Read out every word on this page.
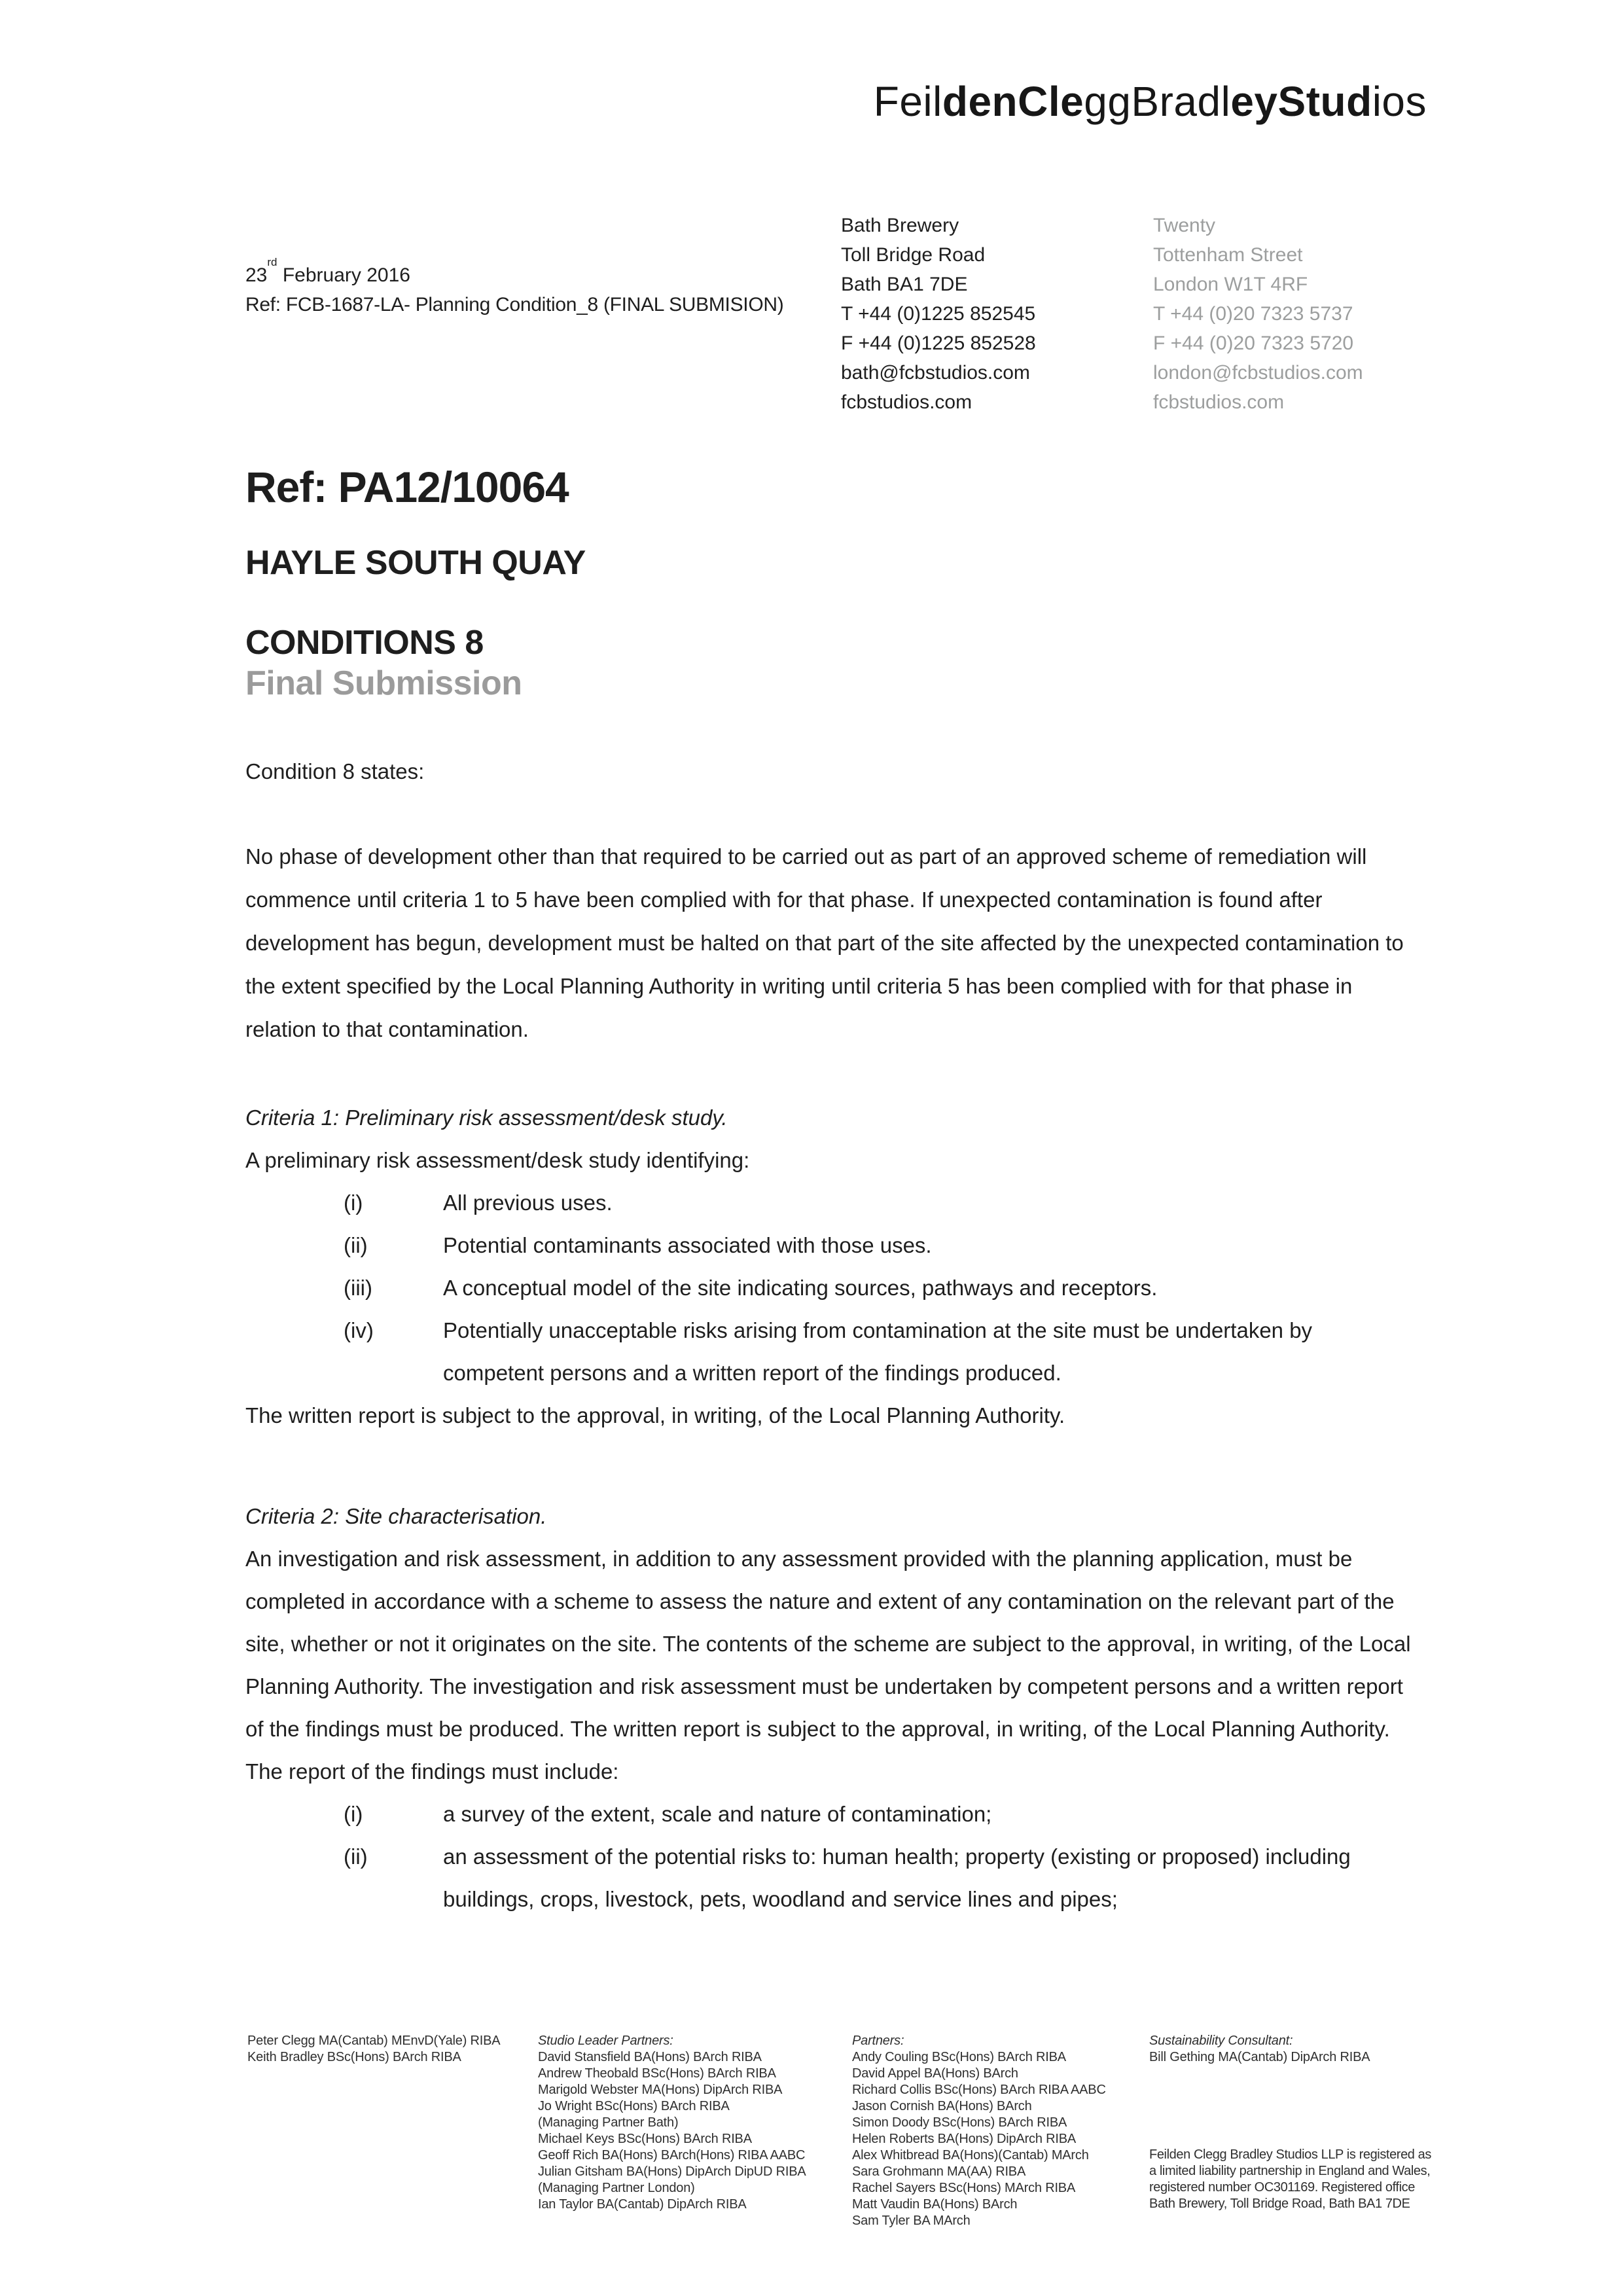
FeildenCleggBradleyStudios
Bath Brewery
Toll Bridge Road
Bath BA1 7DE
T +44 (0)1225 852545
F +44 (0)1225 852528
bath@fcbstudios.com
fcbstudios.com
Twenty
Tottenham Street
London W1T 4RF
T +44 (0)20 7323 5737
F +44 (0)20 7323 5720
london@fcbstudios.com
fcbstudios.com
23rd February 2016
Ref: FCB-1687-LA- Planning Condition_8 (FINAL SUBMISION)
Ref: PA12/10064
HAYLE SOUTH QUAY
CONDITIONS 8
Final Submission
Condition 8 states:
No phase of development other than that required to be carried out as part of an approved scheme of remediation will commence until criteria 1 to 5 have been complied with for that phase. If unexpected contamination is found after development has begun, development must be halted on that part of the site affected by the unexpected contamination to the extent specified by the Local Planning Authority in writing until criteria 5 has been complied with for that phase in relation to that contamination.
Criteria 1: Preliminary risk assessment/desk study.
A preliminary risk assessment/desk study identifying:
(i)	All previous uses.
(ii)	Potential contaminants associated with those uses.
(iii)	A conceptual model of the site indicating sources, pathways and receptors.
(iv)	Potentially unacceptable risks arising from contamination at the site must be undertaken by competent persons and a written report of the findings produced.
The written report is subject to the approval, in writing, of the Local Planning Authority.
Criteria 2: Site characterisation.
An investigation and risk assessment, in addition to any assessment provided with the planning application, must be completed in accordance with a scheme to assess the nature and extent of any contamination on the relevant part of the site, whether or not it originates on the site. The contents of the scheme are subject to the approval, in writing, of the Local Planning Authority. The investigation and risk assessment must be undertaken by competent persons and a written report of the findings must be produced. The written report is subject to the approval, in writing, of the Local Planning Authority. The report of the findings must include:
(i)	a survey of the extent, scale and nature of contamination;
(ii)	an assessment of the potential risks to: human health; property (existing or proposed) including buildings, crops, livestock, pets, woodland and service lines and pipes;
Peter Clegg MA(Cantab) MEnvD(Yale) RIBA
Keith Bradley BSc(Hons) BArch RIBA
Studio Leader Partners:
David Stansfield BA(Hons) BArch RIBA
Andrew Theobald BSc(Hons) BArch RIBA
Marigold Webster MA(Hons) DipArch RIBA
Jo Wright BSc(Hons) BArch RIBA
(Managing Partner Bath)
Michael Keys BSc(Hons) BArch RIBA
Geoff Rich BA(Hons) BArch(Hons) RIBA AABC
Julian Gitsham BA(Hons) DipArch DipUD RIBA
(Managing Partner London)
Ian Taylor BA(Cantab) DipArch RIBA
Partners:
Andy Couling BSc(Hons) BArch RIBA
David Appel BA(Hons) BArch
Richard Collis BSc(Hons) BArch RIBA AABC
Jason Cornish BA(Hons) BArch
Simon Doody BSc(Hons) BArch RIBA
Helen Roberts BA(Hons) DipArch RIBA
Alex Whitbread BA(Hons)(Cantab) MArch
Sara Grohmann MA(AA) RIBA
Rachel Sayers BSc(Hons) MArch RIBA
Matt Vaudin BA(Hons) BArch
Sam Tyler BA MArch
Sustainability Consultant:
Bill Gething MA(Cantab) DipArch RIBA
Feilden Clegg Bradley Studios LLP is registered as a limited liability partnership in England and Wales, registered number OC301169. Registered office Bath Brewery, Toll Bridge Road, Bath BA1 7DE
